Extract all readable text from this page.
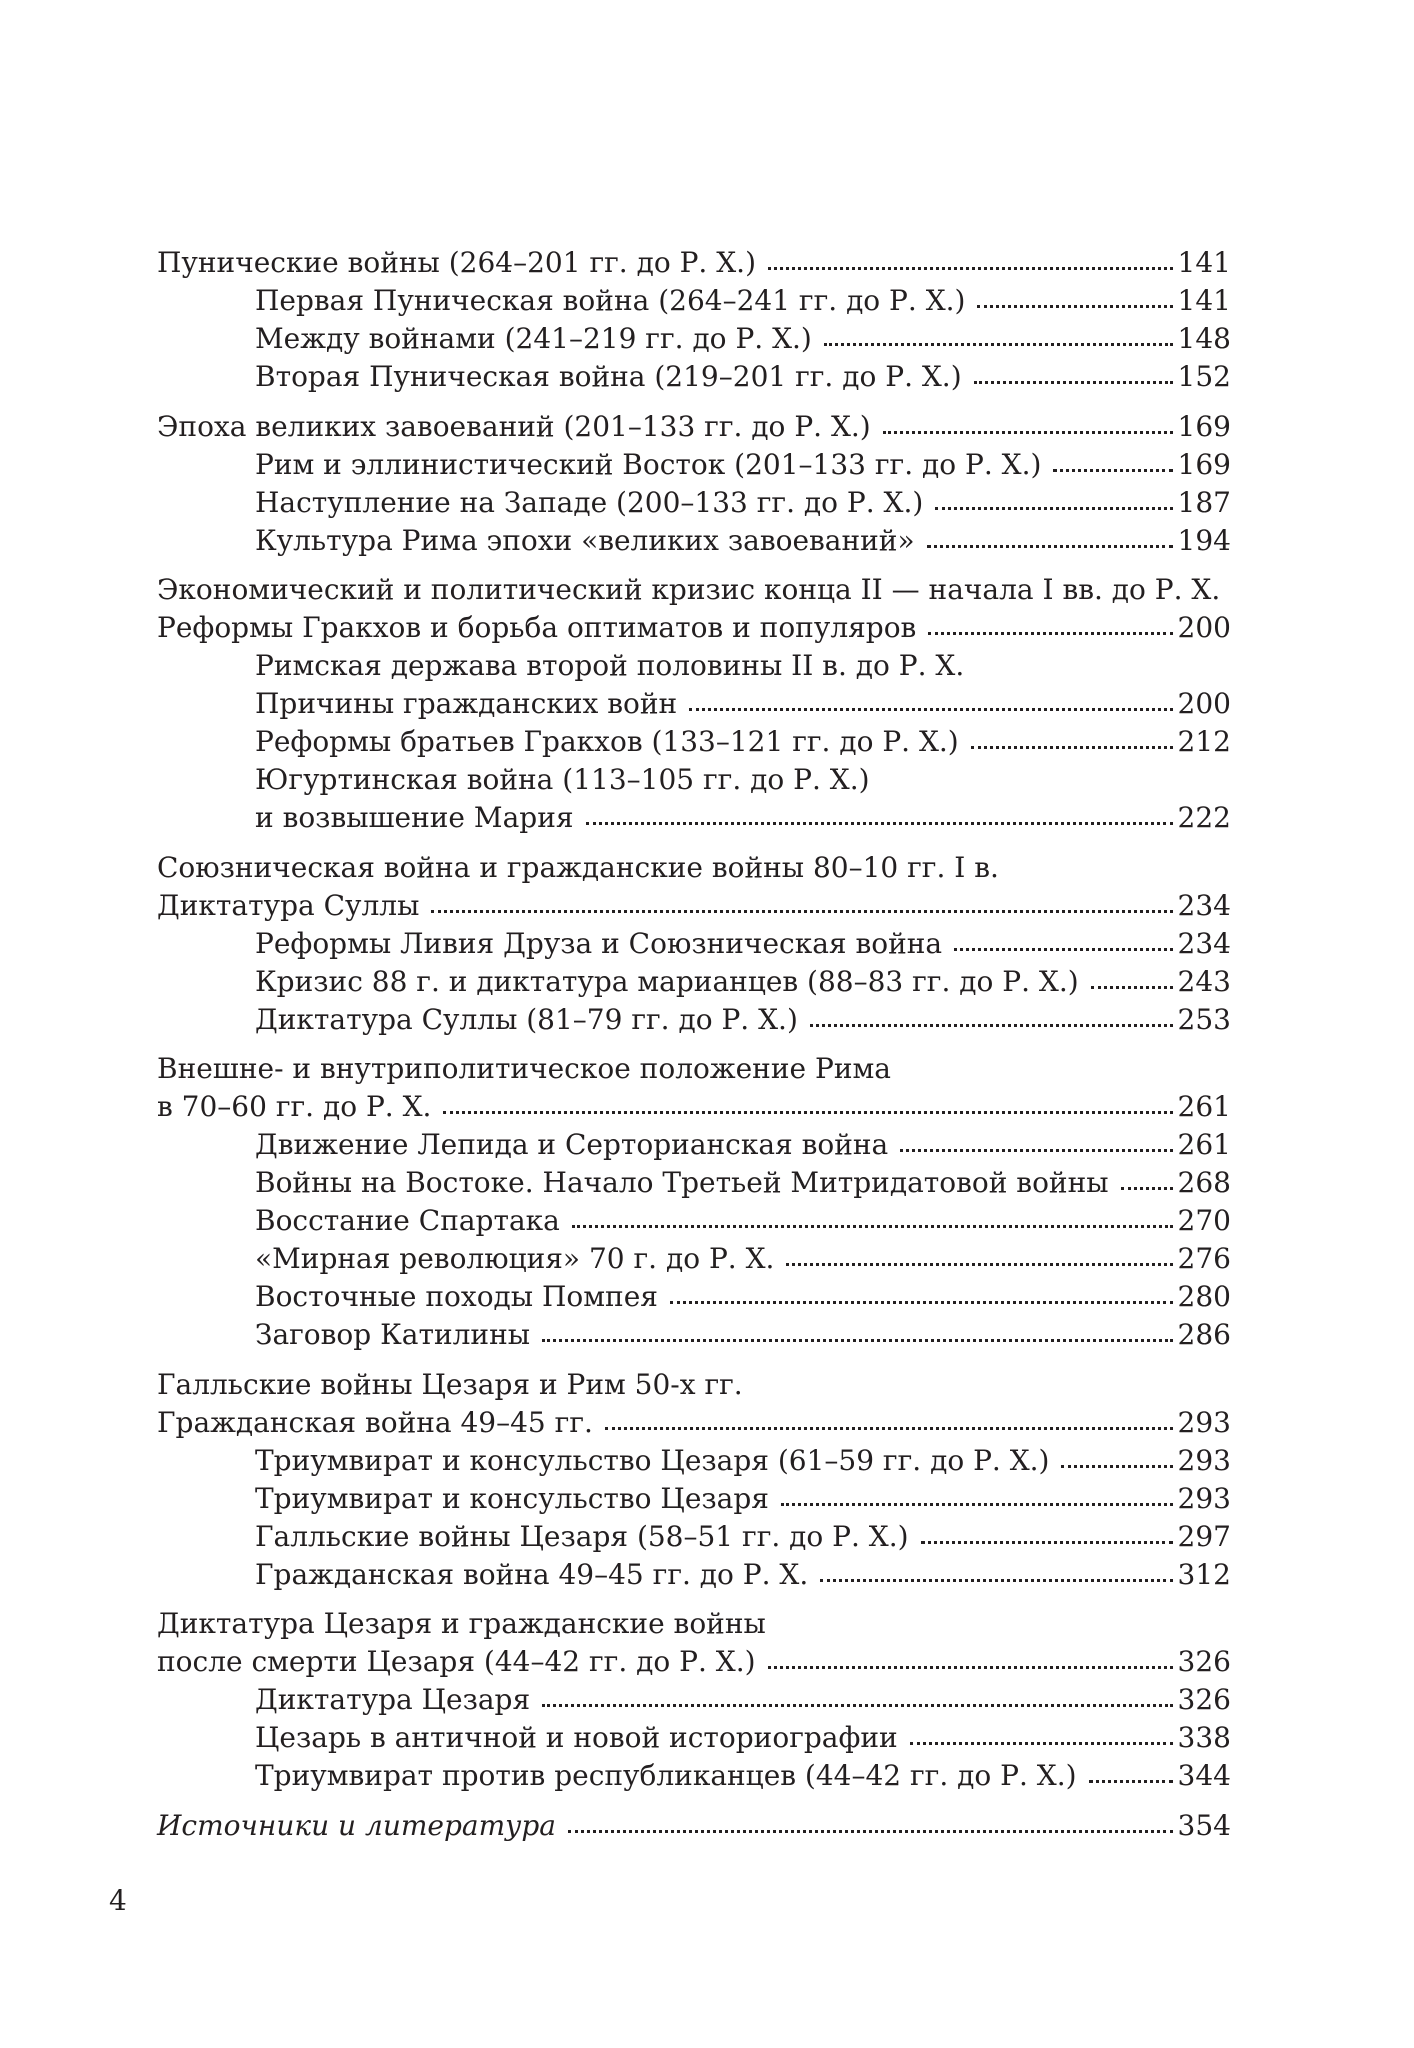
Пунические войны (264–201 гг. до Р. Х.)	141
Первая Пуническая война (264–241 гг. до Р. Х.)	141
Между войнами (241–219 гг. до Р. Х.)	148
Вторая Пуническая война (219–201 гг. до Р. Х.)	152
Эпоха великих завоеваний (201–133 гг. до Р. Х.)	169
Рим и эллинистический Восток (201–133 гг. до Р. Х.)	169
Наступление на Западе (200–133 гг. до Р. Х.)	187
Культура Рима эпохи «великих завоеваний»	194
Экономический и политический кризис конца II — начала I вв. до Р. Х.
Реформы Гракхов и борьба оптиматов и популяров	200
Римская держава второй половины II в. до Р. Х.
Причины гражданских войн	200
Реформы братьев Гракхов (133–121 гг. до Р. Х.)	212
Югуртинская война (113–105 гг. до Р. Х.)
и возвышение Мария	222
Союзническая война и гражданские войны 80–10 гг. I в.
Диктатура Суллы	234
Реформы Ливия Друза и Союзническая война	234
Кризис 88 г. и диктатура марианцев (88–83 гг. до Р. Х.)	243
Диктатура Суллы (81–79 гг. до Р. Х.)	253
Внешне- и внутриполитическое положение Рима
в 70–60 гг. до Р. Х.	261
Движение Лепида и Серторианская война	261
Войны на Востоке. Начало Третьей Митридатовой войны 268
Восстание Спартака	270
«Мирная революция» 70 г. до Р. Х.	276
Восточные походы Помпея	280
Заговор Катилины	286
Галльские войны Цезаря и Рим 50-х гг.
Гражданская война 49–45 гг.	293
Триумвират и консульство Цезаря (61–59 гг. до Р. Х.)	293
Триумвират и консульство Цезаря	293
Галльские войны Цезаря (58–51 гг. до Р. Х.)	297
Гражданская война 49–45 гг. до Р. Х.	312
Диктатура Цезаря и гражданские войны
после смерти Цезаря (44–42 гг. до Р. Х.)	326
Диктатура Цезаря	326
Цезарь в античной и новой историографии	338
Триумвират против республиканцев (44–42 гг. до Р. Х.)	344
Источники и литература	354
4
